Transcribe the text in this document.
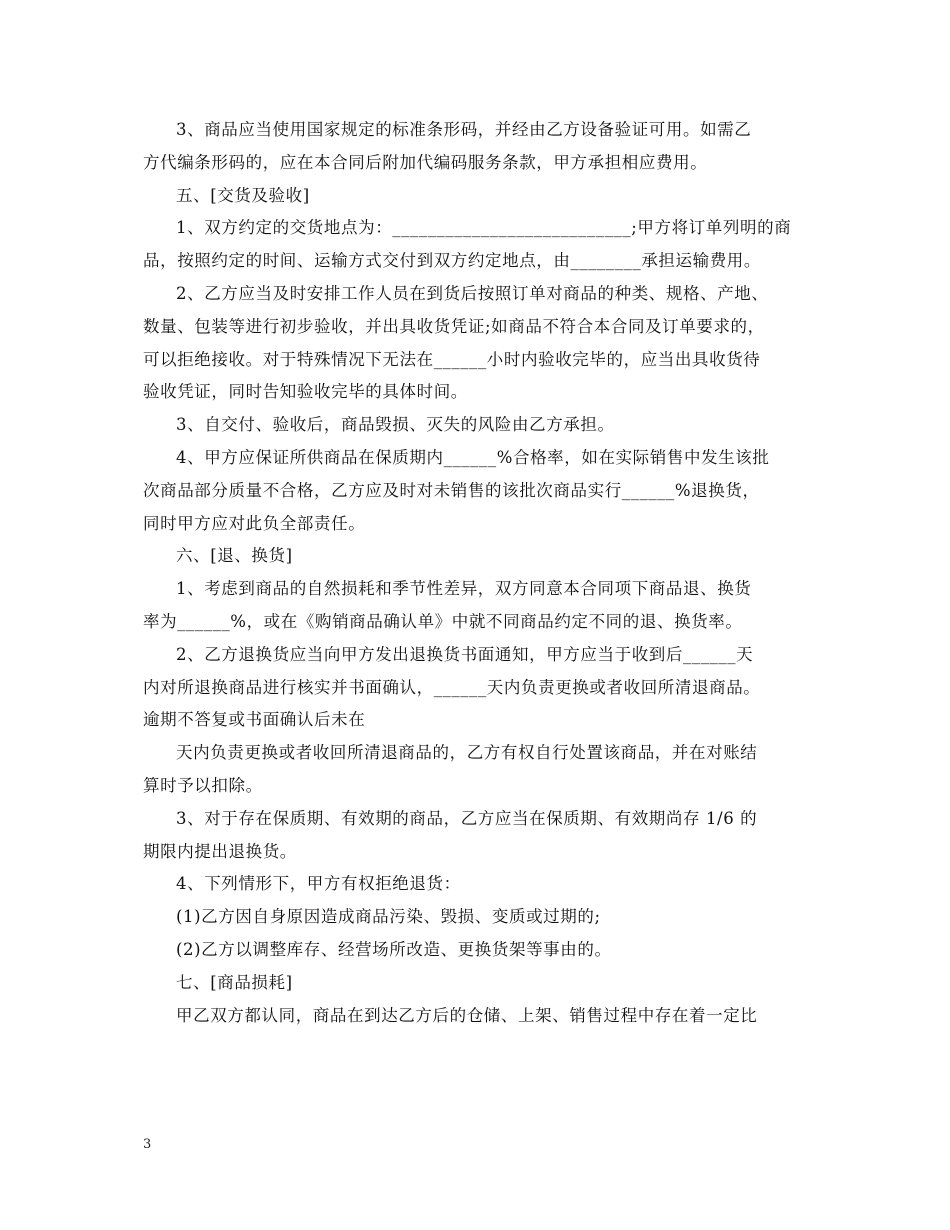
3、商品应当使用国家规定的标准条形码，并经由乙方设备验证可用。如需乙
方代编条形码的，应在本合同后附加代编码服务条款，甲方承担相应费用。
五、[交货及验收]
1、双方约定的交货地点为：___________________________;甲方将订单列明的商
品，按照约定的时间、运输方式交付到双方约定地点，由________承担运输费用。
2、乙方应当及时安排工作人员在到货后按照订单对商品的种类、规格、产地、
数量、包装等进行初步验收，并出具收货凭证;如商品不符合本合同及订单要求的，
可以拒绝接收。对于特殊情况下无法在______小时内验收完毕的，应当出具收货待
验收凭证，同时告知验收完毕的具体时间。
3、自交付、验收后，商品毁损、灭失的风险由乙方承担。
4、甲方应保证所供商品在保质期内______%合格率，如在实际销售中发生该批
次商品部分质量不合格，乙方应及时对未销售的该批次商品实行______%退换货，
同时甲方应对此负全部责任。
六、[退、换货]
1、考虑到商品的自然损耗和季节性差异，双方同意本合同项下商品退、换货
率为______%，或在《购销商品确认单》中就不同商品约定不同的退、换货率。
2、乙方退换货应当向甲方发出退换货书面通知，甲方应当于收到后______天
内对所退换商品进行核实并书面确认，______天内负责更换或者收回所清退商品。
逾期不答复或书面确认后未在
天内负责更换或者收回所清退商品的，乙方有权自行处置该商品，并在对账结
算时予以扣除。
3、对于存在保质期、有效期的商品，乙方应当在保质期、有效期尚存 1/6 的
期限内提出退换货。
4、下列情形下，甲方有权拒绝退货：
(1)乙方因自身原因造成商品污染、毁损、变质或过期的;
(2)乙方以调整库存、经营场所改造、更换货架等事由的。
七、[商品损耗]
甲乙双方都认同，商品在到达乙方后的仓储、上架、销售过程中存在着一定比
3
